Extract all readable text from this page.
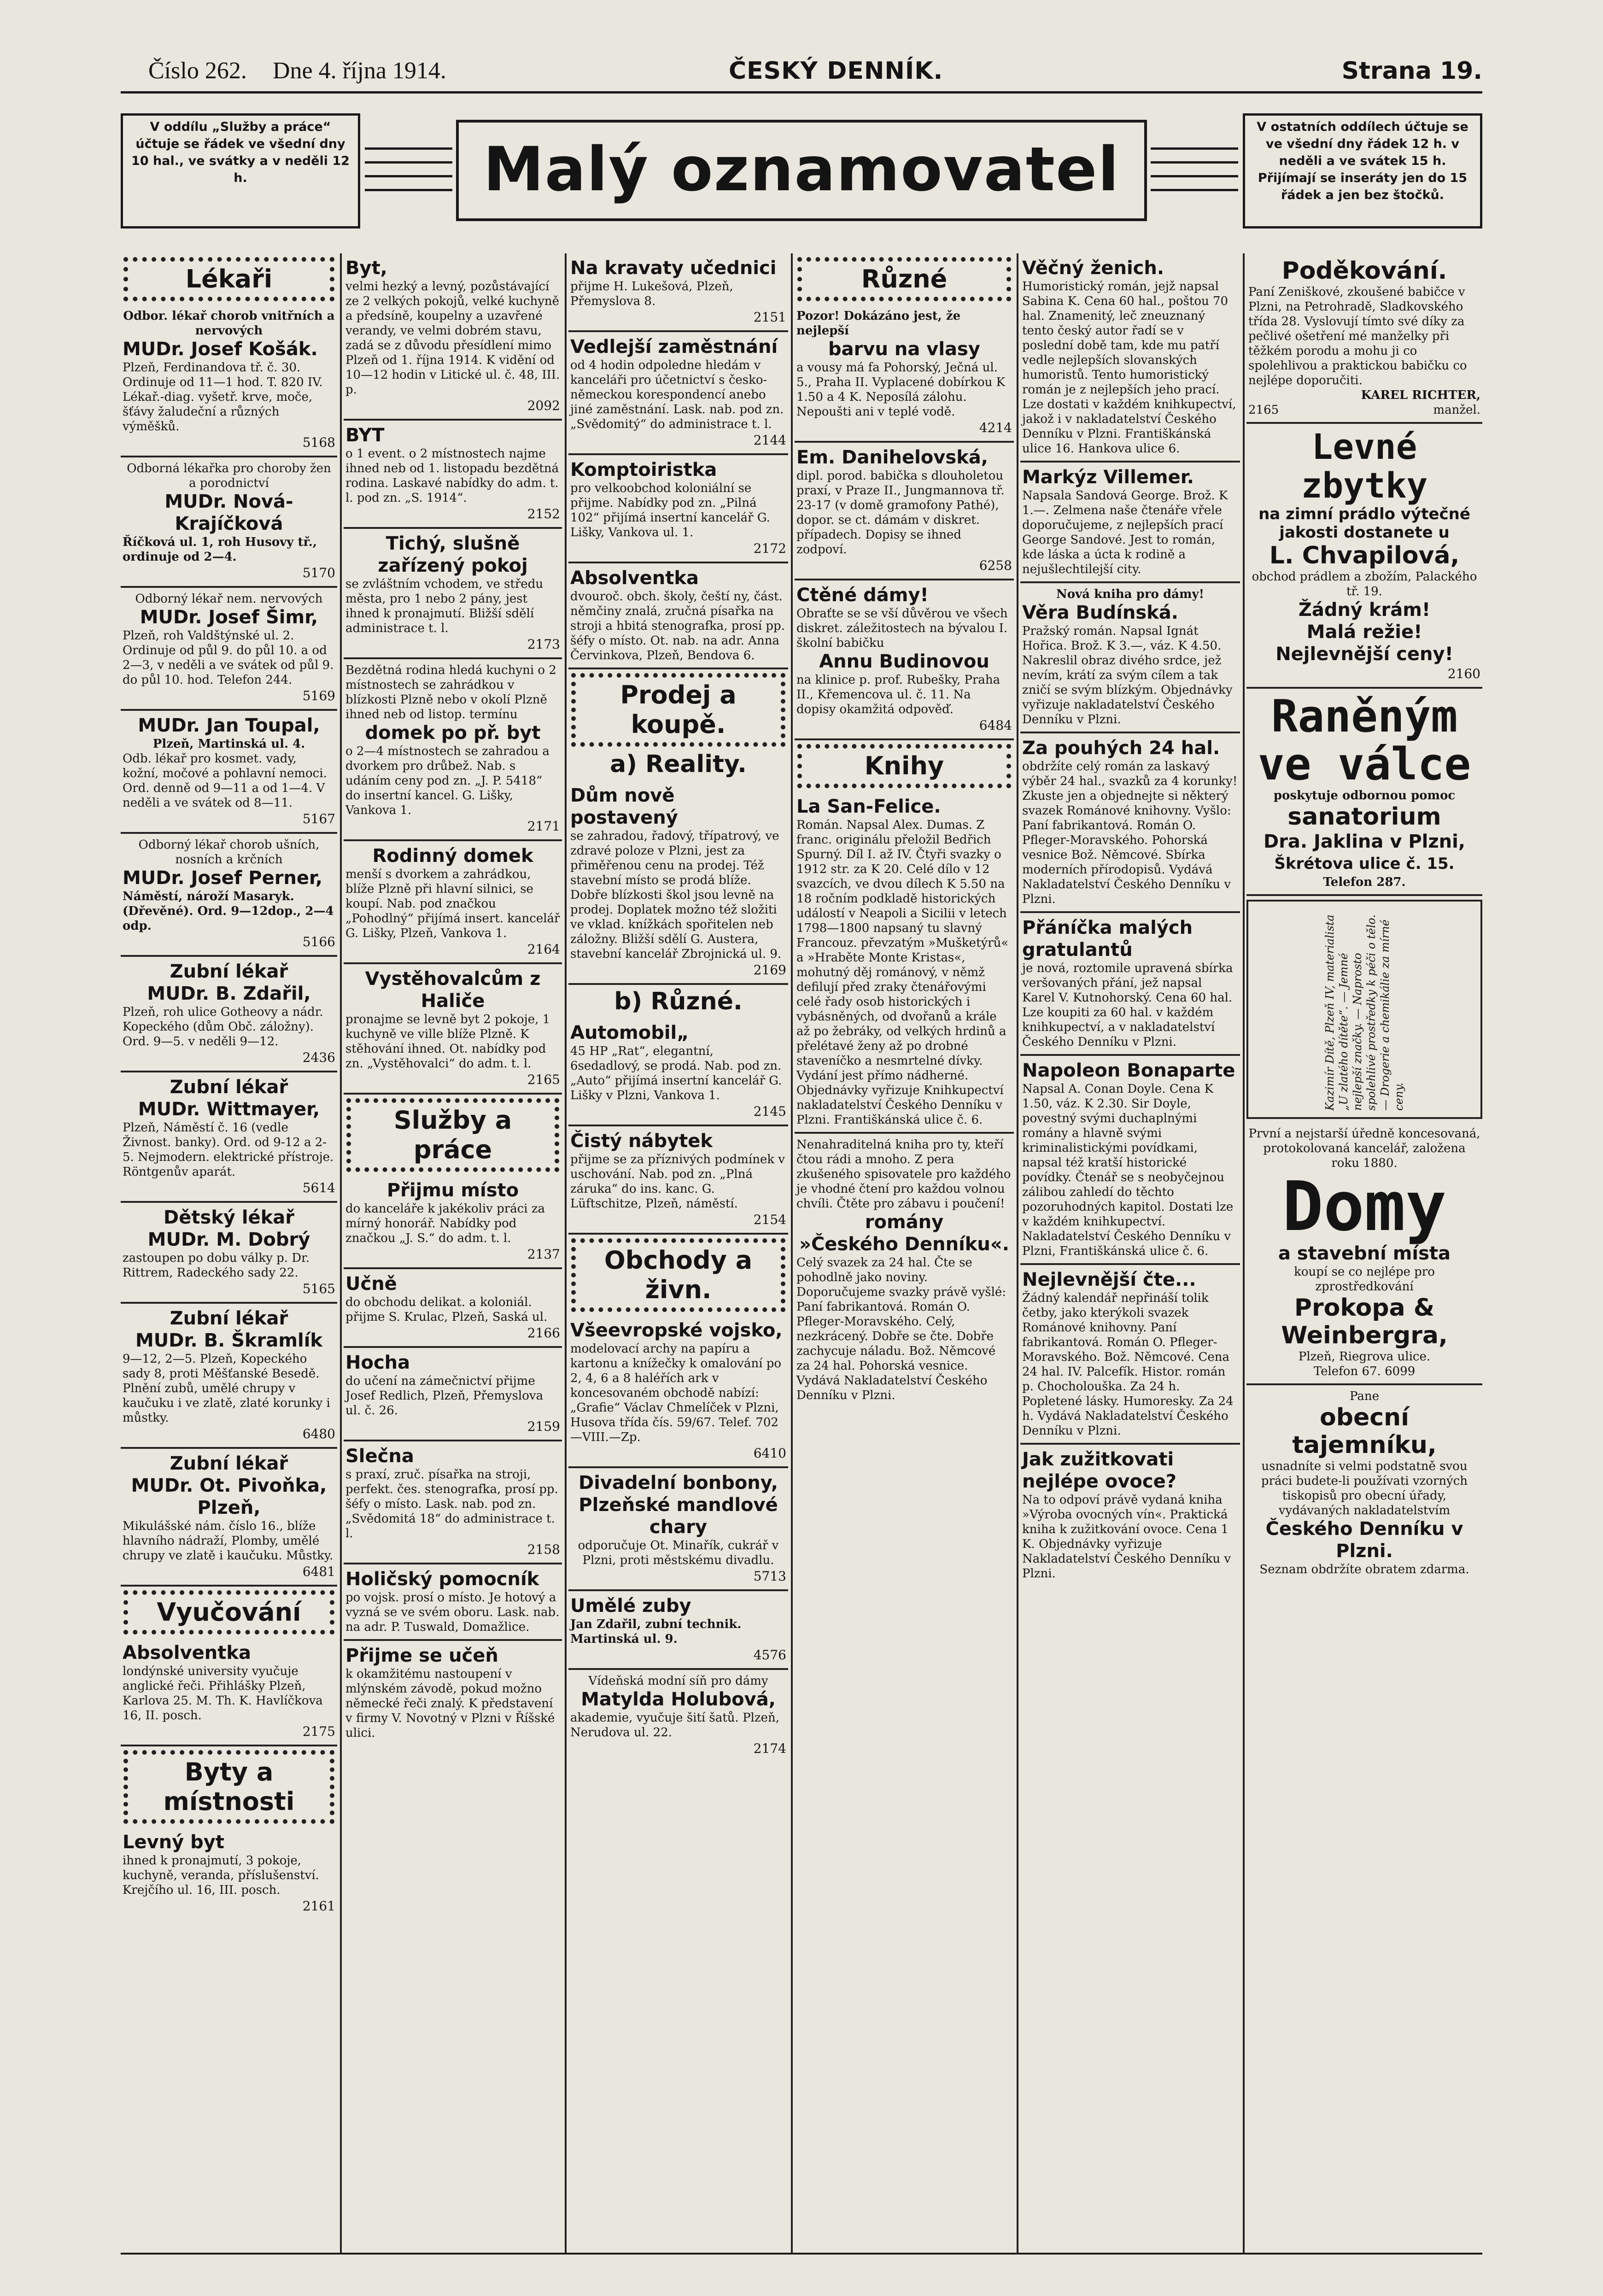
Číslo 262. Dne 4. října 1914.	ČESKÝ DENNÍK.	Strana 19.
V oddílu „Služby a práce“ účtuje se řádek ve všední dny 10 hal., ve svátky a v neděli 12 h.	Malý oznamovatel
V ostatních oddílech účtuje se ve všední dny řádek 12 h. v neděli a ve svátek 15 h. Přijímají se inseráty jen do 15 řádek a jen bez štočků.
Lékaři
Odbor. lékař chorob vnitřních a nervových
MUDr. Josef Košák.
Plzeň, Ferdinandova tř. č. 30. Ordinuje od 11—1 hod. T. 820 IV. Lékař.-diag. vyšetř. krve, moče, šťávy žaludeční a různých výměšků.
5168
Odborná lékařka pro choroby žen a porodnictví
MUDr. Nová-Krajíčková
Říčková ul. 1, roh Husovy tř., ordinuje od 2—4.
5170
Odborný lékař nem. nervových
MUDr. Josef Šimr,
Plzeň, roh Valdštýnské ul. 2. Ordinuje od půl 9. do půl 10. a od 2—3, v neděli a ve svátek od půl 9. do půl 10. hod. Telefon 244.
5169
MUDr. Jan Toupal,
Plzeň, Martinská ul. 4.
Odb. lékař pro kosmet. vady, kožní, močové a pohlavní nemoci. Ord. denně od 9—11 a od 1—4. V neděli a ve svátek od 8—11.
5167
Odborný lékař chorob ušních, nosních a krčních
MUDr. Josef Perner,
Náměstí, nároží Masaryk. (Dřevěné). Ord. 9—12dop., 2—4 odp.
5166
Zubní lékař
MUDr. B. Zdařil,
Plzeň, roh ulice Gotheovy a nádr. Kopeckého (dům Obč. záložny). Ord. 9—5. v neděli 9—12.
2436
Zubní lékař
MUDr. Wittmayer,
Plzeň, Náměstí č. 16 (vedle Živnost. banky). Ord. od 9-12 a 2-5. Nejmodern. elektrické přístroje. Röntgenův aparát.
5614
Dětský lékař
MUDr. M. Dobrý
zastoupen po dobu války p. Dr. Rittrem, Radeckého sady 22.
5165
Zubní lékař
MUDr. B. Škramlík
9—12, 2—5. Plzeň, Kopeckého sady 8, proti Měšťanské Besedě. Plnění zubů, umělé chrupy v kaučuku i ve zlatě, zlaté korunky i můstky.
6480
Zubní lékař
MUDr. Ot. Pivoňka, Plzeň,
Mikulášské nám. číslo 16., blíže hlavního nádraží, Plomby, umělé chrupy ve zlatě i kaučuku. Můstky.
6481
Vyučování
Absolventka
londýnské university vyučuje anglické řeči. Přihlášky Plzeň, Karlova 25. M. Th. K. Havlíčkova 16, II. posch.
2175
Byty a místnosti
Levný byt
ihned k pronajmutí, 3 pokoje, kuchyně, veranda, příslušenství. Krejčího ul. 16, III. posch.
2161
Byt,
velmi hezký a levný, pozůstávající ze 2 velkých pokojů, velké kuchyně a předsíně, koupelny a uzavřené verandy, ve velmi dobrém stavu, zadá se z důvodu přesídlení mimo Plzeň od 1. října 1914. K vidění od 10—12 hodin v Litické ul. č. 48, III. p.
2092
BYT
o 1 event. o 2 místnostech najme ihned neb od 1. listopadu bezdětná rodina. Laskavé nabídky do adm. t. l. pod zn. „S. 1914“.
2152
Tichý, slušně zařízený pokoj
se zvláštním vchodem, ve středu města, pro 1 nebo 2 pány, jest ihned k pronajmutí. Bližší sdělí administrace t. l.
2173
Bezdětná rodina hledá kuchyni o 2 místnostech se zahrádkou v blízkosti Plzně nebo v okolí Plzně ihned neb od listop. termínu
domek po př. byt
o 2—4 místnostech se zahradou a dvorkem pro drůbež. Nab. s udáním ceny pod zn. „J. P. 5418“ do insertní kancel. G. Lišky, Vankova 1.
2171
Rodinný domek
menší s dvorkem a zahrádkou, blíže Plzně při hlavní silnici, se koupí. Nab. pod značkou „Pohodlný“ přijímá insert. kancelář G. Lišky, Plzeň, Vankova 1.
2164
Vystěhovalcům z Haliče
pronajme se levně byt 2 pokoje, 1 kuchyně ve ville blíže Plzně. K stěhování ihned. Ot. nabídky pod zn. „Vystěhovalci“ do adm. t. l.
2165
Služby a práce
Přijmu místo
do kanceláře k jakékoliv práci za mírný honorář. Nabídky pod značkou „J. S.“ do adm. t. l.
2137
Učně
do obchodu delikat. a koloniál. přijme S. Krulac, Plzeň, Saská ul.
2166
Hocha
do učení na zámečnictví přijme Josef Redlich, Plzeň, Přemyslova ul. č. 26.
2159
Slečna
s praxí, zruč. písařka na stroji, perfekt. čes. stenografka, prosí pp. šéfy o místo. Lask. nab. pod zn. „Svědomitá 18“ do administrace t. l.
2158
Holičský pomocník
po vojsk. prosí o místo. Je hotový a vyzná se ve svém oboru. Lask. nab. na adr. P. Tuswald, Domažlice.
Přijme se učeň
k okamžitému nastoupení v mlýnském závodě, pokud možno německé řeči znalý. K představení v firmy V. Novotný v Plzni v Říšské ulici.
Na kravaty učednici
přijme H. Lukešová, Plzeň, Přemyslova 8.
2151
Vedlejší zaměstnání
od 4 hodin odpoledne hledám v kanceláři pro účetnictví s česko-německou korespondencí anebo jiné zaměstnání. Lask. nab. pod zn. „Svědomitý“ do administrace t. l.
2144
Komptoiristka
pro velkoobchod koloniální se přijme. Nabídky pod zn. „Pilná 102“ přijímá insertní kancelář G. Lišky, Vankova ul. 1.
2172
Absolventka
dvouroč. obch. školy, čeští ny, část. němčiny znalá, zručná písařka na stroji a hbitá stenografka, prosí pp. šéfy o místo. Ot. nab. na adr. Anna Červinkova, Plzeň, Bendova 6.
Prodej a koupě.
a) Reality.
Dům nově postavený
se zahradou, řadový, třípatrový, ve zdravé poloze v Plzni, jest za přiměřenou cenu na prodej. Též stavební místo se prodá blíže. Dobře blízkosti škol jsou levně na prodej. Doplatek možno též složiti ve vklad. knížkách spořitelen neb záložny. Bližší sdělí G. Austera, stavební kancelář Zbrojnická ul. 9.
2169
b) Různé.
Automobil„
45 HP „Rat“, elegantní, 6sedadlový, se prodá. Nab. pod zn. „Auto“ přijímá insertní kancelář G. Lišky v Plzni, Vankova 1.
2145
Čistý nábytek
přijme se za příznivých podmínek v uschování. Nab. pod zn. „Plná záruka“ do ins. kanc. G. Lüftschitze, Plzeň, náměstí.
2154
Obchody a živn.
Všeevropské vojsko,
modelovací archy na papíru a kartonu a knížečky k omalování po 2, 4, 6 a 8 haléřích ark v koncesovaném obchodě nabízí: „Grafie“ Václav Chmelíček v Plzni, Husova třída čís. 59/67. Telef. 702—VIII.—Zp.
6410
Divadelní bonbony, Plzeňské mandlové chary
odporučuje Ot. Minařík, cukrář v Plzni, proti městskému divadlu.
5713
Umělé zuby
Jan Zdařil, zubní technik. Martinská ul. 9.
4576
Vídeňská modní síň pro dámy
Matylda Holubová,
akademie, vyučuje šití šatů. Plzeň, Nerudova ul. 22.
2174
Různé
Pozor! Dokázáno jest, že nejlepší
barvu na vlasy
a vousy má fa Pohorský, Ječná ul. 5., Praha II. Vyplacené dobírkou K 1.50 a 4 K. Neposílá zálohu. Nepoušti ani v teplé vodě.
4214
Em. Danihelovská,
dipl. porod. babička s dlouholetou praxí, v Praze II., Jungmannova tř. 23-17 (v domě gramofony Pathé), dopor. se ct. dámám v diskret. případech. Dopisy se ihned zodpoví.
6258
Ctěné dámy!
Obraťte se se vší důvěrou ve všech diskret. záležitostech na bývalou I. školní babičku
Annu Budinovou
na klinice p. prof. Rubešky, Praha II., Křemencova ul. č. 11. Na dopisy okamžitá odpověď.
6484
Knihy
La San-Felice.
Román. Napsal Alex. Dumas. Z franc. originálu přeložil Bedřich Spurný. Díl I. až IV. Čtyři svazky o 1912 str. za K 20. Celé dílo v 12 svazcích, ve dvou dílech K 5.50 na 18 ročním podkladě historických událostí v Neapoli a Sicilii v letech 1798—1800 napsaný tu slavný Francouz. převzatým »Mušketýrů« a »Hraběte Monte Kristas«, mohutný děj románový, v němž defilují před zraky čtenářovými celé řady osob historických i vybásněných, od dvořanů a krále až po žebráky, od velkých hrdinů a přelétavé ženy až po drobné staveníčko a nesmrtelné dívky. Vydání jest přímo nádherné. Objednávky vyřizuje Knihkupectví nakladatelství Českého Denníku v Plzni. Františkánská ulice č. 6.
Nenahraditelná kniha pro ty, kteří čtou rádi a mnoho. Z pera zkušeného spisovatele pro každého je vhodné čtení pro každou volnou chvíli. Čtěte pro zábavu i poučení!
romány
»Českého Denníku«.
Celý svazek za 24 hal. Čte se pohodlně jako noviny. Doporučujeme svazky právě vyšlé: Paní fabrikantová. Román O. Pfleger-Moravského. Celý, nezkrácený. Dobře se čte. Dobře zachycuje náladu. Bož. Němcové za 24 hal. Pohorská vesnice. Vydává Nakladatelství Českého Denníku v Plzni.
Věčný ženich.
Humoristický román, jejž napsal Sabina K. Cena 60 hal., poštou 70 hal. Znamenitý, leč zneuznaný tento český autor řadí se v poslední době tam, kde mu patří vedle nejlepších slovanských humoristů. Tento humoristický román je z nejlepších jeho prací. Lze dostati v každém knihkupectví, jakož i v nakladatelství Českého Denníku v Plzni. Františkánská ulice 16. Hankova ulice 6.
Markýz Villemer.
Napsala Sandová George. Brož. K 1.—. Zelmena naše čtenáře vřele doporučujeme, z nejlepších prací George Sandové. Jest to román, kde láska a úcta k rodině a nejušlechtilejší city.
Nová kniha pro dámy!
Věra Budínská.
Pražský román. Napsal Ignát Hořica. Brož. K 3.—, váz. K 4.50. Nakreslil obraz divého srdce, jež nevím, krátí za svým cílem a tak zničí se svým blízkým. Objednávky vyřizuje nakladatelství Českého Denníku v Plzni.
Za pouhých 24 hal.
obdržíte celý román za laskavý výběr 24 hal., svazků za 4 korunky! Zkuste jen a objednejte si některý svazek Románové knihovny. Vyšlo: Paní fabrikantová. Román O. Pfleger-Moravského. Pohorská vesnice Bož. Němcové. Sbírka moderních přírodopisů. Vydává Nakladatelství Českého Denníku v Plzni.
Přáníčka malých gratulantů
je nová, roztomile upravená sbírka veršovaných přání, jež napsal Karel V. Kutnohorský. Cena 60 hal. Lze koupiti za 60 hal. v každém knihkupectví, a v nakladatelství Českého Denníku v Plzni.
Napoleon Bonaparte
Napsal A. Conan Doyle. Cena K 1.50, váz. K 2.30. Sir Doyle, povestný svými duchaplnými romány a hlavně svými kriminalistickými povídkami, napsal též kratší historické povídky. Čtenář se s neobyčejnou zálibou zahledí do těchto pozoruhodných kapitol. Dostati lze v každém knihkupectví. Nakladatelství Českého Denníku v Plzni, Františkánská ulice č. 6.
Nejlevnější čte...
Žádný kalendář nepřináší tolik četby, jako kterýkoli svazek Románové knihovny. Paní fabrikantová. Román O. Pfleger-Moravského. Bož. Němcové. Cena 24 hal. IV. Palcefík. Histor. román p. Chocholouška. Za 24 h. Popletené lásky. Humoresky. Za 24 h. Vydává Nakladatelství Českého Denníku v Plzni.
Jak zužitkovati nejlépe ovoce?
Na to odpoví právě vydaná kniha »Výroba ovocných vín«. Praktická kniha k zužitkování ovoce. Cena 1 K. Objednávky vyřizuje Nakladatelství Českého Denníku v Plzni.
Poděkování.
Paní Zeniškové, zkoušené babičce v Plzni, na Petrohradě, Sladkovského třída 28. Vyslovují tímto své díky za pečlivé ošetření mé manželky při těžkém porodu a mohu ji co spolehlivou a praktickou babičku co nejlépe doporučiti.
KAREL RICHTER,
2165	manžel.
Levné zbytky
na zimní prádlo výtečné jakosti dostanete u
L. Chvapilová,
obchod prádlem a zbožím, Palackého tř. 19.
Žádný krám!
Malá režie!
Nejlevnější ceny!
2160
Raněným ve válce
poskytuje odbornou pomoc
sanatorium
Dra. Jaklina v Plzni,
Škrétova ulice č. 15.
Telefon 287.
Kazimír Dítě, Plzeň IV, materialista „U zlatého dítěte“. — Jemné nejlepší značky. — Naprosto spolehlivé prostředky k péči o tělo. — Drogerie a chemikálie za mírné ceny.
První a nejstarší úředně koncesovaná, protokolovaná kancelář, založena roku 1880.
Domy
a stavební místa
koupí se co nejlépe pro zprostředkování
Prokopa & Weinbergra,
Plzeň, Riegrova ulice.
Telefon 67. 6099
Pane
obecní tajemníku,
usnadníte si velmi podstatně svou práci budete-li používati vzorných tiskopisů pro obecní úřady, vydávaných nakladatelstvím
Českého Denníku v Plzni.
Seznam obdržíte obratem zdarma.
